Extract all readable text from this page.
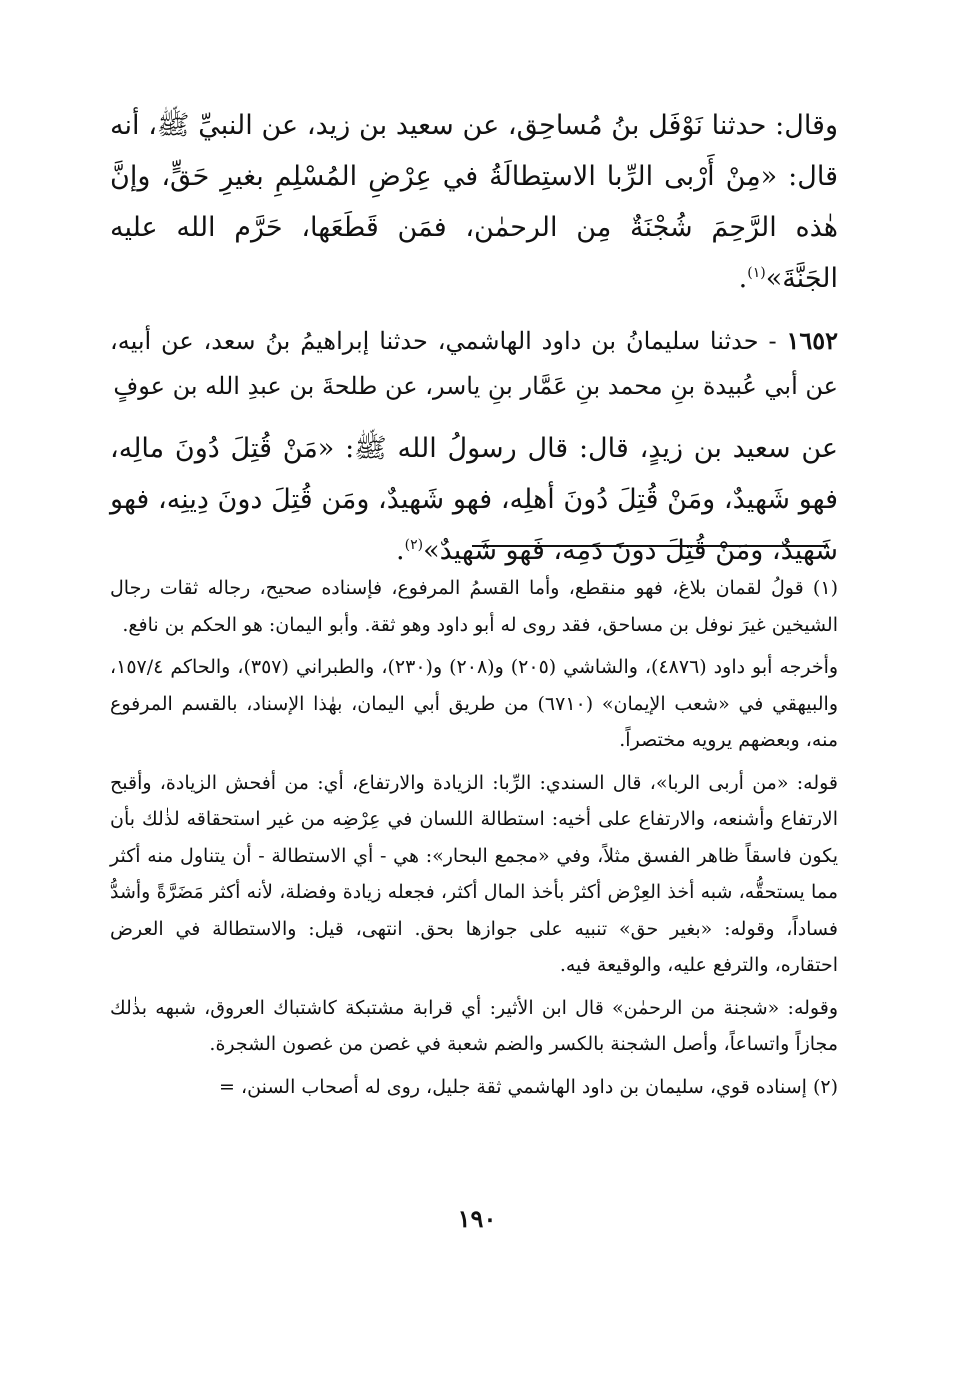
وقال: حدثنا نَوْفَل بنُ مُساحِق، عن سعيد بن زيد، عن النبيِّ ﷺ، أنه قال: «مِنْ أَرْبى الرِّبا الاستِطالَةُ في عِرْضِ المُسْلِمِ بغيرِ حَقٍّ، وإنَّ هٰذه الرَّحِمَ شُجْنَةٌ مِن الرحمٰن، فمَن قَطَعَها، حَرَّم الله عليه الجَنَّةَ»$^{(١)}$.

١٦٥٢ - حدثنا سليمانُ بن داود الهاشمي، حدثنا إبراهيمُ بنُ سعد، عن أبيه، عن أبي عُبيدة بنِ محمد بنِ عَمَّار بنِ ياسر، عن طلحةَ بن عبدِ الله بن عوفٍ

عن سعيد بن زيدٍ، قال: قال رسولُ الله ﷺ: «مَنْ قُتِلَ دُونَ مالِه، فهو شَهيدٌ، ومَنْ قُتِلَ دُونَ أهلِه، فهو شَهيدٌ، ومَن قُتِلَ دونَ دِينِه، فهو شَهيدٌ، ومَنْ قُتِلَ دونَ دَمِه، فَهو شَهيدٌ»$^{(٢)}$.

(١) قولُ لقمان بلاغ، فهو منقطع، وأما القسمُ المرفوع، فإسناده صحيح، رجاله ثقات رجال الشيخين غيرَ نوفل بن مساحق، فقد روى له أبو داود وهو ثقة. وأبو اليمان: هو الحكم بن نافع.

وأخرجه أبو داود (٤٨٧٦)، والشاشي (٢٠٥) و(٢٠٨) و(٢٣٠)، والطبراني (٣٥٧)، والحاكم ١٥٧/٤، والبيهقي في «شعب الإيمان» (٦٧١٠) من طريق أبي اليمان، بهٰذا الإسناد، بالقسم المرفوع منه، وبعضهم يرويه مختصراً.

قوله: «من أربى الربا»، قال السندي: الرِّبا: الزيادة والارتفاع، أي: من أفحش الزيادة، وأقبح الارتفاع وأشنعه، والارتفاع على أخيه: استطالة اللسان في عِرْضِه من غير استحقاقه لذٰلك بأن يكون فاسقاً ظاهر الفسق مثلاً، وفي «مجمع البحار»: هي - أي الاستطالة - أن يتناول منه أكثر مما يستحقُّه، شبه أخذ العِرْض أكثر بأخذ المال أكثر، فجعله زيادة وفضلة، لأنه أكثر مَضَرَّةً وأشدُّ فساداً، وقوله: «بغير حق» تنبيه على جوازها بحق. انتهى، قيل: والاستطالة في العرض احتقاره، والترفع عليه، والوقيعة فيه.

وقوله: «شجنة من الرحمٰن» قال ابن الأثير: أي قرابة مشتبكة كاشتباك العروق، شبهه بذٰلك مجازاً واتساعاً، وأصل الشجنة بالكسر والضم شعبة في غصن من غصون الشجرة.

(٢) إسناده قوي، سليمان بن داود الهاشمي ثقة جليل، روى له أصحاب السنن، =

١٩٠
